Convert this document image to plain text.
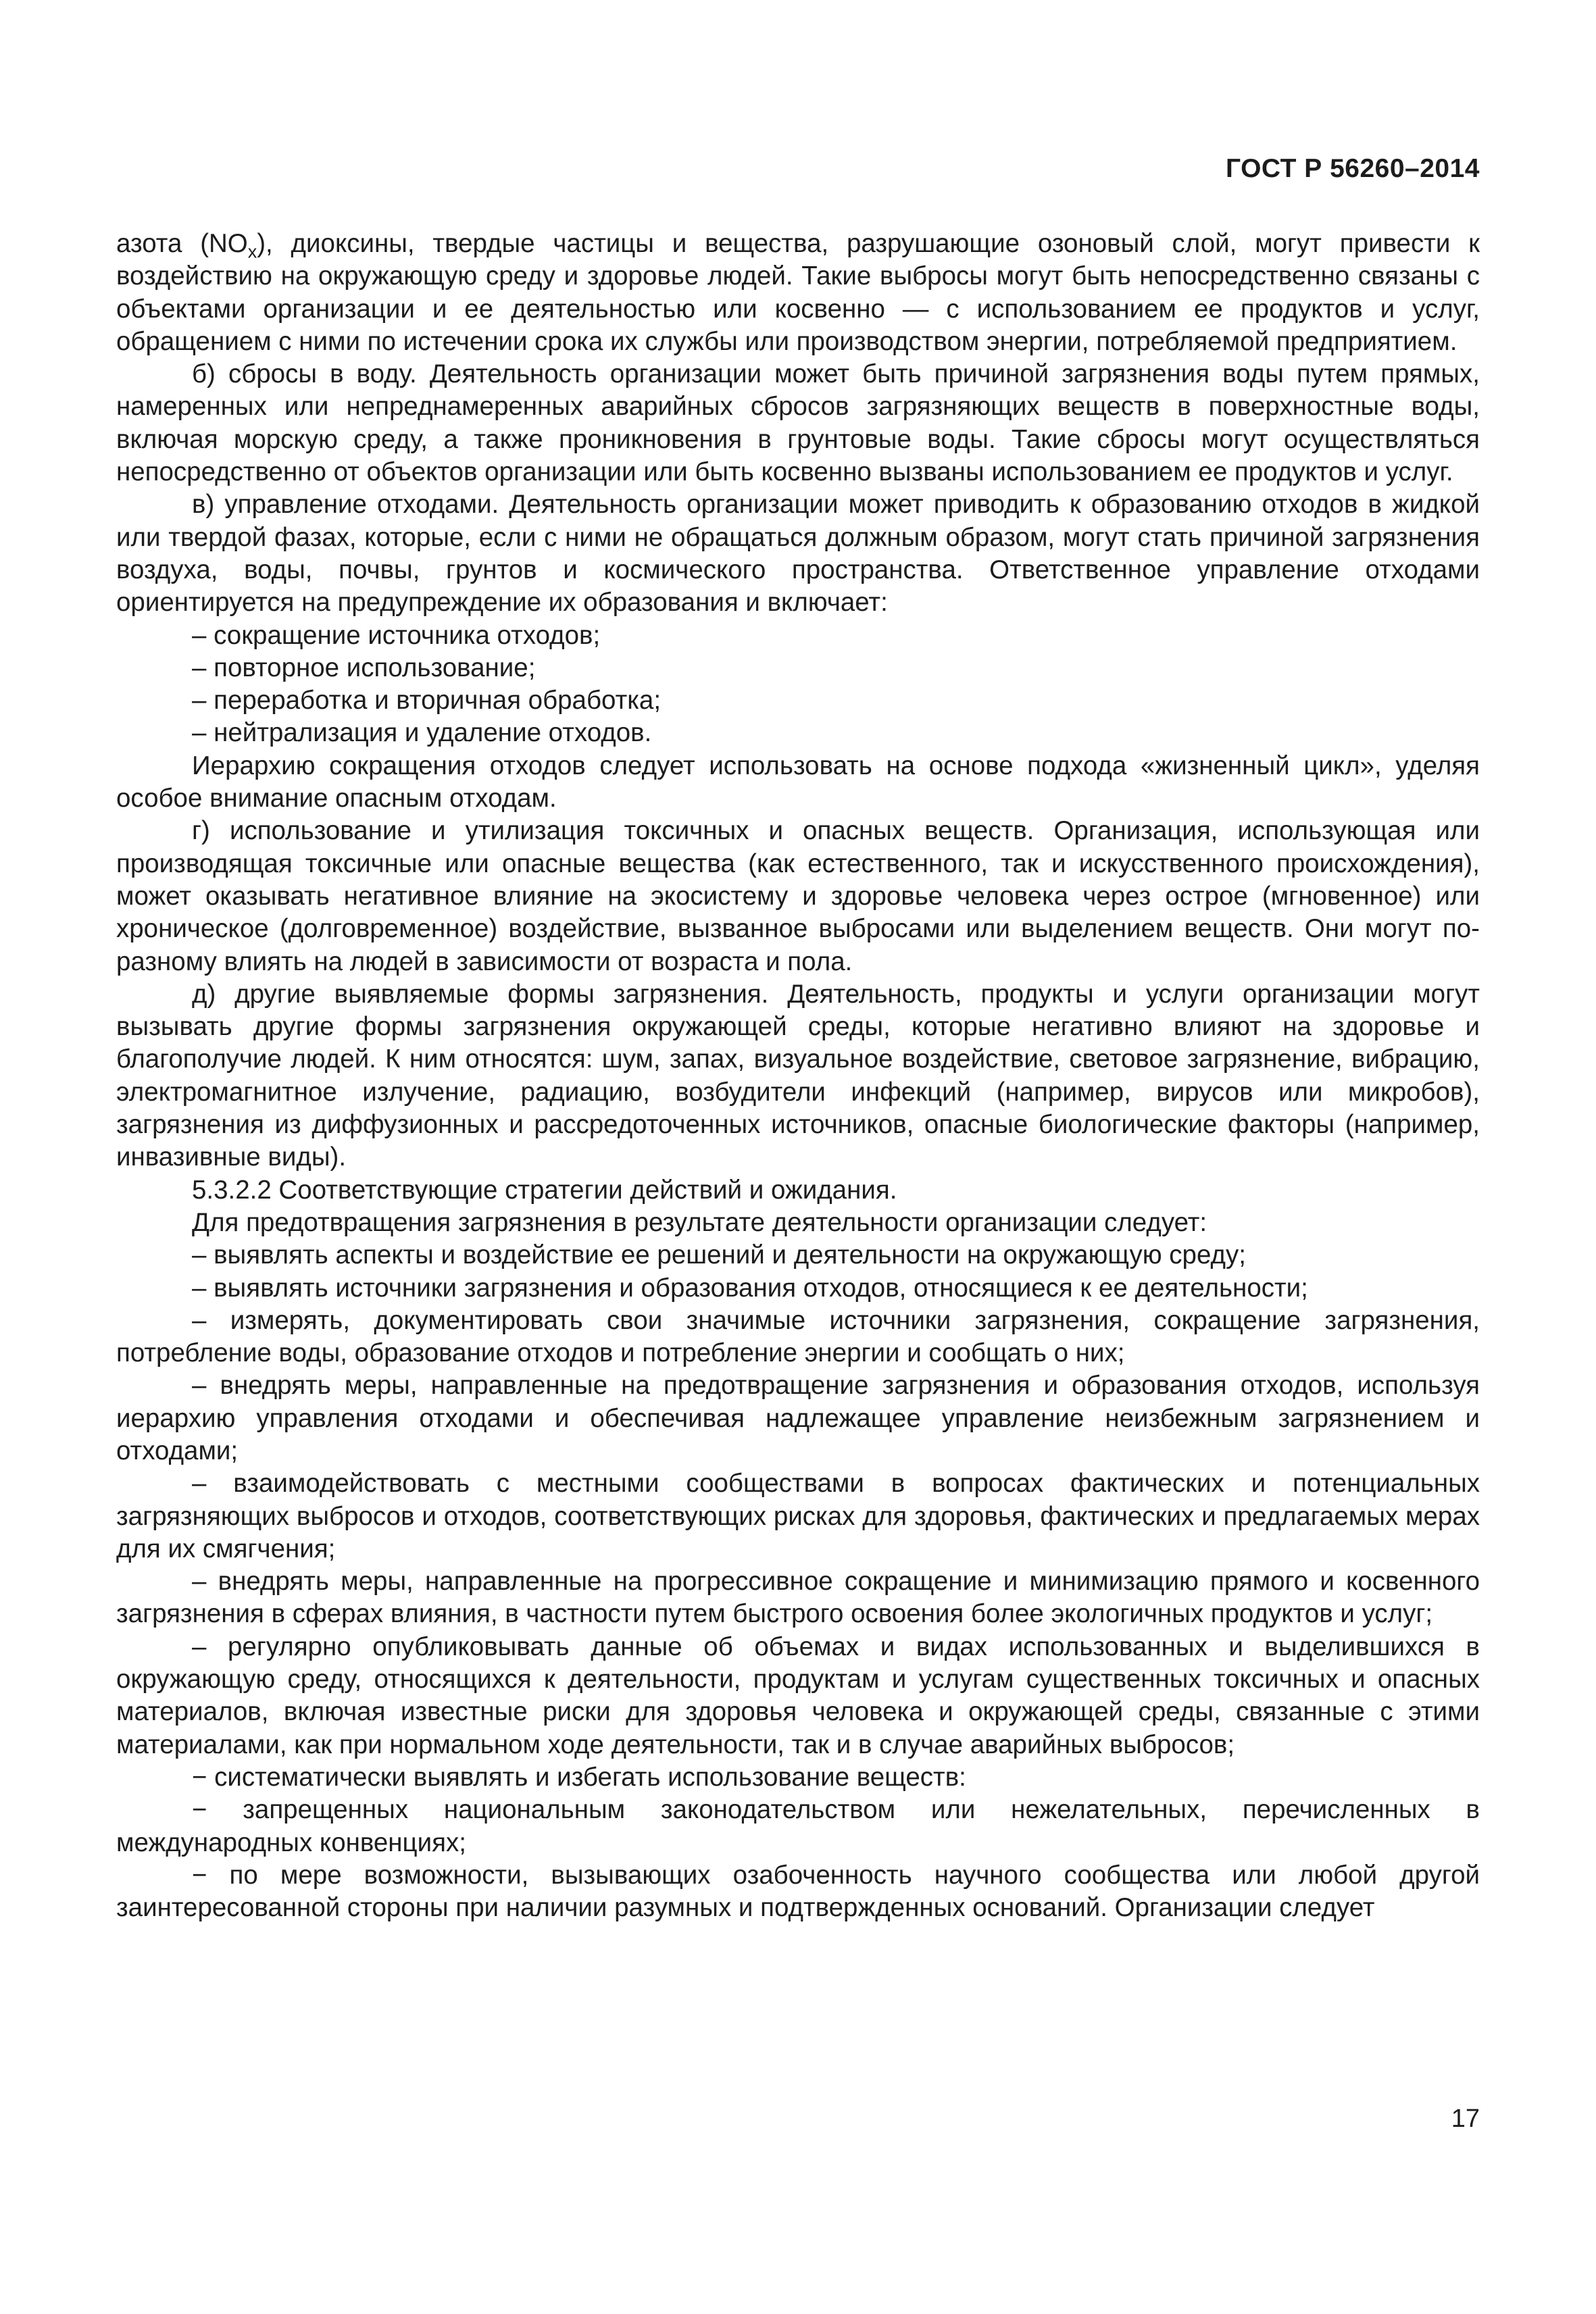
ГОСТ Р 56260–2014

азота $(NO_x)$, диоксины, твердые частицы и вещества, разрушающие озоновый слой, могут привести к воздействию на окружающую среду и здоровье людей. Такие выбросы могут быть непосредственно связаны с объектами организации и ее деятельностью или косвенно — с использованием ее продуктов и услуг, обращением с ними по истечении срока их службы или производством энергии, потребляемой предприятием.

б) сбросы в воду. Деятельность организации может быть причиной загрязнения воды путем прямых, намеренных или непреднамеренных аварийных сбросов загрязняющих веществ в поверхностные воды, включая морскую среду, а также проникновения в грунтовые воды. Такие сбросы могут осуществляться непосредственно от объектов организации или быть косвенно вызваны использованием ее продуктов и услуг.

в) управление отходами. Деятельность организации может приводить к образованию отходов в жидкой или твердой фазах, которые, если с ними не обращаться должным образом, могут стать причиной загрязнения воздуха, воды, почвы, грунтов и космического пространства. Ответственное управление отходами ориентируется на предупреждение их образования и включает:

– сокращение источника отходов;

– повторное использование;

– переработка и вторичная обработка;

– нейтрализация и удаление отходов.

Иерархию сокращения отходов следует использовать на основе подхода «жизненный цикл», уделяя особое внимание опасным отходам.

г) использование и утилизация токсичных и опасных веществ. Организация, использующая или производящая токсичные или опасные вещества (как естественного, так и искусственного происхождения), может оказывать негативное влияние на экосистему и здоровье человека через острое (мгновенное) или хроническое (долговременное) воздействие, вызванное выбросами или выделением веществ. Они могут по-разному влиять на людей в зависимости от возраста и пола.

д) другие выявляемые формы загрязнения. Деятельность, продукты и услуги организации могут вызывать другие формы загрязнения окружающей среды, которые негативно влияют на здоровье и благополучие людей. К ним относятся: шум, запах, визуальное воздействие, световое загрязнение, вибрацию, электромагнитное излучение, радиацию, возбудители инфекций (например, вирусов или микробов), загрязнения из диффузионных и рассредоточенных источников, опасные биологические факторы (например, инвазивные виды).

5.3.2.2 Соответствующие стратегии действий и ожидания.

Для предотвращения загрязнения в результате деятельности организации следует:

– выявлять аспекты и воздействие ее решений и деятельности на окружающую среду;

– выявлять источники загрязнения и образования отходов, относящиеся к ее деятельности;

– измерять, документировать свои значимые источники загрязнения, сокращение загрязнения, потребление воды, образование отходов и потребление энергии и сообщать о них;

– внедрять меры, направленные на предотвращение загрязнения и образования отходов, используя иерархию управления отходами и обеспечивая надлежащее управление неизбежным загрязнением и отходами;

– взаимодействовать с местными сообществами в вопросах фактических и потенциальных загрязняющих выбросов и отходов, соответствующих рисках для здоровья, фактических и предлагаемых мерах для их смягчения;

– внедрять меры, направленные на прогрессивное сокращение и минимизацию прямого и косвенного загрязнения в сферах влияния, в частности путем быстрого освоения более экологичных продуктов и услуг;

– регулярно опубликовывать данные об объемах и видах использованных и выделившихся в окружающую среду, относящихся к деятельности, продуктам и услугам существенных токсичных и опасных материалов, включая известные риски для здоровья человека и окружающей среды, связанные с этими материалами, как при нормальном ходе деятельности, так и в случае аварийных выбросов;

− систематически выявлять и избегать использование веществ:

− запрещенных национальным законодательством или нежелательных, перечисленных в международных конвенциях;

− по мере возможности, вызывающих озабоченность научного сообщества или любой другой заинтересованной стороны при наличии разумных и подтвержденных оснований. Организации следует

17
